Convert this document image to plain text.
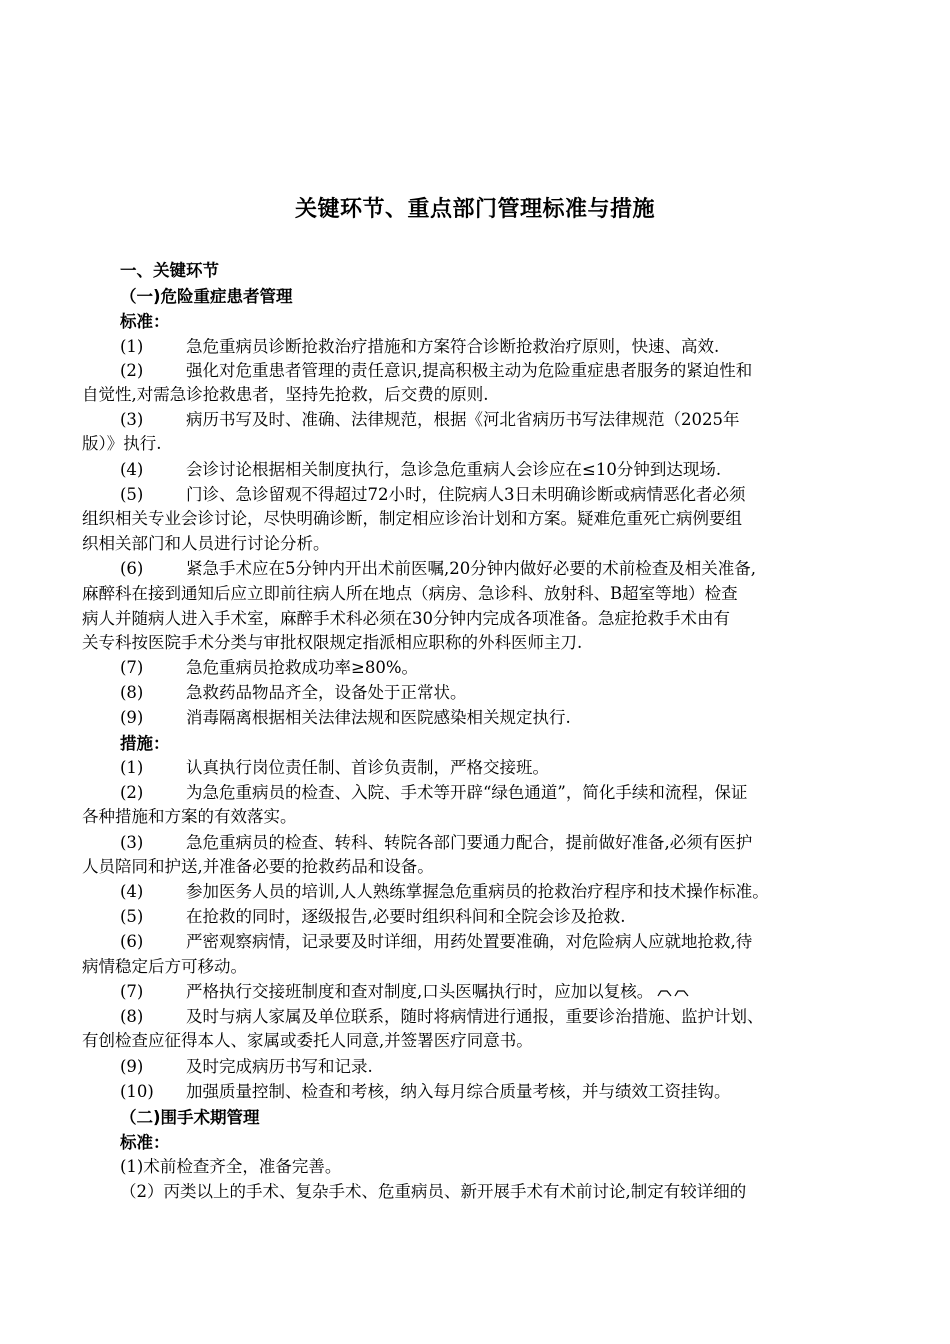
关键环节、重点部门管理标准与措施
一、关键环节
（一)危险重症患者管理
标准：
(1)	急危重病员诊断抢救治疗措施和方案符合诊断抢救治疗原则，快速、高效.
(2)	强化对危重患者管理的责任意识,提高积极主动为危险重症患者服务的紧迫性和
自觉性,对需急诊抢救患者，坚持先抢救，后交费的原则.
(3)	病历书写及时、准确、法律规范，根据《河北省病历书写法律规范（2025年
版）》执行.
(4)	会诊讨论根据相关制度执行，急诊急危重病人会诊应在≤10分钟到达现场.
(5)	门诊、急诊留观不得超过72小时，住院病人3日未明确诊断或病情恶化者必须
组织相关专业会诊讨论，尽快明确诊断，制定相应诊治计划和方案。疑难危重死亡病例要组
织相关部门和人员进行讨论分析。
(6)	紧急手术应在5分钟内开出术前医嘱,20分钟内做好必要的术前检查及相关准备,
麻醉科在接到通知后应立即前往病人所在地点（病房、急诊科、放射科、B超室等地）检查
病人并随病人进入手术室，麻醉手术科必须在30分钟内完成各项准备。急症抢救手术由有
关专科按医院手术分类与审批权限规定指派相应职称的外科医师主刀.
(7)	急危重病员抢救成功率≥80%。
(8)	急救药品物品齐全，设备处于正常状。
(9)	消毒隔离根据相关法律法规和医院感染相关规定执行.
措施：
(1)	认真执行岗位责任制、首诊负责制，严格交接班。
(2)	为急危重病员的检查、入院、手术等开辟“绿色通道”，简化手续和流程，保证
各种措施和方案的有效落实。
(3)	急危重病员的检查、转科、转院各部门要通力配合，提前做好准备,必须有医护
人员陪同和护送,并准备必要的抢救药品和设备。
(4)	参加医务人员的培训,人人熟练掌握急危重病员的抢救治疗程序和技术操作标准。
(5)	在抢救的同时，逐级报告,必要时组织科间和全院会诊及抢救.
(6)	严密观察病情，记录要及时详细，用药处置要准确，对危险病人应就地抢救,待
病情稳定后方可移动。
(7)	严格执行交接班制度和查对制度,口头医嘱执行时，应加以复核。
(8)	及时与病人家属及单位联系，随时将病情进行通报，重要诊治措施、监护计划、
有创检查应征得本人、家属或委托人同意,并签署医疗同意书。
(9)	及时完成病历书写和记录.
(10) 加强质量控制、检查和考核，纳入每月综合质量考核，并与绩效工资挂钩。
（二)围手术期管理
标准：
(1)术前检查齐全，准备完善。
（2）丙类以上的手术、复杂手术、危重病员、新开展手术有术前讨论,制定有较详细的
